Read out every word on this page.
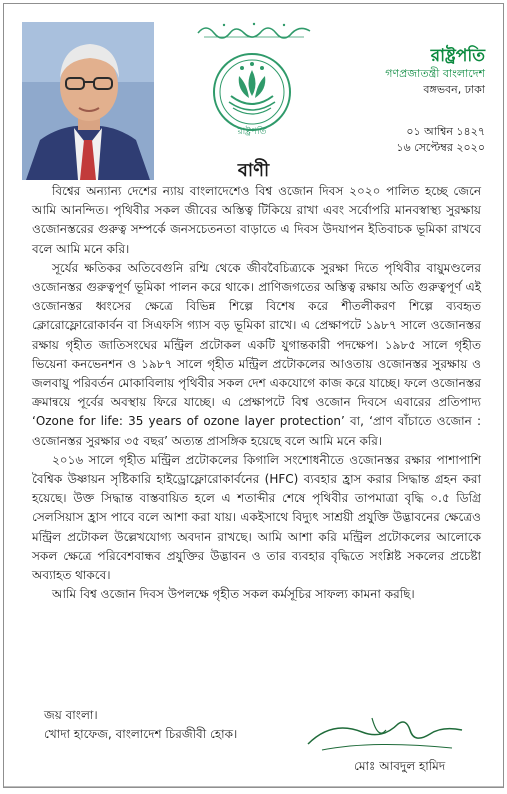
রাষ্ট্রপতি
রাষ্ট্রপতি
গণপ্রজাতন্ত্রী বাংলাদেশ
বঙ্গভবন, ঢাকা
০১ আশ্বিন ১৪২৭
১৬ সেপ্টেম্বর ২০২০
বাণী

বিশ্বের অন্যান্য দেশের ন্যায় বাংলাদেশেও বিশ্ব ওজোন দিবস ২০২০ পালিত হচ্ছে জেনে আমি আনন্দিত। পৃথিবীর সকল জীবের অস্তিত্ব টিকিয়ে রাখা এবং সর্বোপরি মানবস্বাস্থ্য সুরক্ষায় ওজোনস্তরের গুরুত্ব সম্পর্কে জনসচেতনতা বাড়াতে এ দিবস উদযাপন ইতিবাচক ভূমিকা রাখবে বলে আমি মনে করি।

সূর্যের ক্ষতিকর অতিবেগুনি রশ্মি থেকে জীববৈচিত্র্যকে সুরক্ষা দিতে পৃথিবীর বায়ুমণ্ডলের ওজোনস্তর গুরুত্বপূর্ণ ভূমিকা পালন করে থাকে। প্রাণিজগতের অস্তিত্ব রক্ষায় অতি গুরুত্বপূর্ণ এই ওজোনস্তর ধ্বংসের ক্ষেত্রে বিভিন্ন শিল্পে বিশেষ করে শীতলীকরণ শিল্পে ব্যবহৃত ক্লোরোফ্লোরোকার্বন বা সিএফসি গ্যাস বড় ভূমিকা রাখে। এ প্রেক্ষাপটে ১৯৮৭ সালে ওজোনস্তর রক্ষায় গৃহীত জাতিসংঘের মন্ট্রিল প্রটোকল একটি যুগান্তকারী পদক্ষেপ। ১৯৮৫ সালে গৃহীত ভিয়েনা কনভেনশন ও ১৯৮৭ সালে গৃহীত মন্ট্রিল প্রটোকলের আওতায় ওজোনস্তর সুরক্ষায় ও জলবায়ু পরিবর্তন মোকাবিলায় পৃথিবীর সকল দেশ একযোগে কাজ করে যাচ্ছে। ফলে ওজোনস্তর ক্রমান্বয়ে পূর্বের অবস্থায় ফিরে যাচ্ছে। এ প্রেক্ষাপটে বিশ্ব ওজোন দিবসে এবারের প্রতিপাদ্য ‘Ozone for life: 35 years of ozone layer protection’ বা, ‘প্রাণ বাঁচাতে ওজোন : ওজোনস্তর সুরক্ষার ৩৫ বছর’ অত্যন্ত প্রাসঙ্গিক হয়েছে বলে আমি মনে করি।

২০১৬ সালে গৃহীত মন্ট্রিল প্রটোকলের কিগালি সংশোধনীতে ওজোনস্তর রক্ষার পাশাপাশি বৈশ্বিক উষ্ণায়ন সৃষ্টিকারি হাইড্রোফ্লোরোকার্বনের (HFC) ব্যবহার হ্রাস করার সিদ্ধান্ত গ্রহন করা হয়েছে। উক্ত সিদ্ধান্ত বাস্তবায়িত হলে এ শতাব্দীর শেষে পৃথিবীর তাপমাত্রা বৃদ্ধি ০.৫ ডিগ্রি সেলসিয়াস হ্রাস পাবে বলে আশা করা যায়। একইসাথে বিদ্যুৎ সাশ্রয়ী প্রযুক্তি উদ্ভাবনের ক্ষেত্রেও মন্ট্রিল প্রটোকল উল্লেখযোগ্য অবদান রাখছে। আমি আশা করি মন্ট্রিল প্রটোকলের আলোকে সকল ক্ষেত্রে পরিবেশবান্ধব প্রযুক্তির উদ্ভাবন ও তার ব্যবহার বৃদ্ধিতে সংশ্লিষ্ট সকলের প্রচেষ্টা অব্যাহত থাকবে।

আমি বিশ্ব ওজোন দিবস উপলক্ষে গৃহীত সকল কর্মসূচির সাফল্য কামনা করছি।

জয় বাংলা।
খোদা হাফেজ, বাংলাদেশ চিরজীবী হোক।
মোঃ আবদুল হামিদ
